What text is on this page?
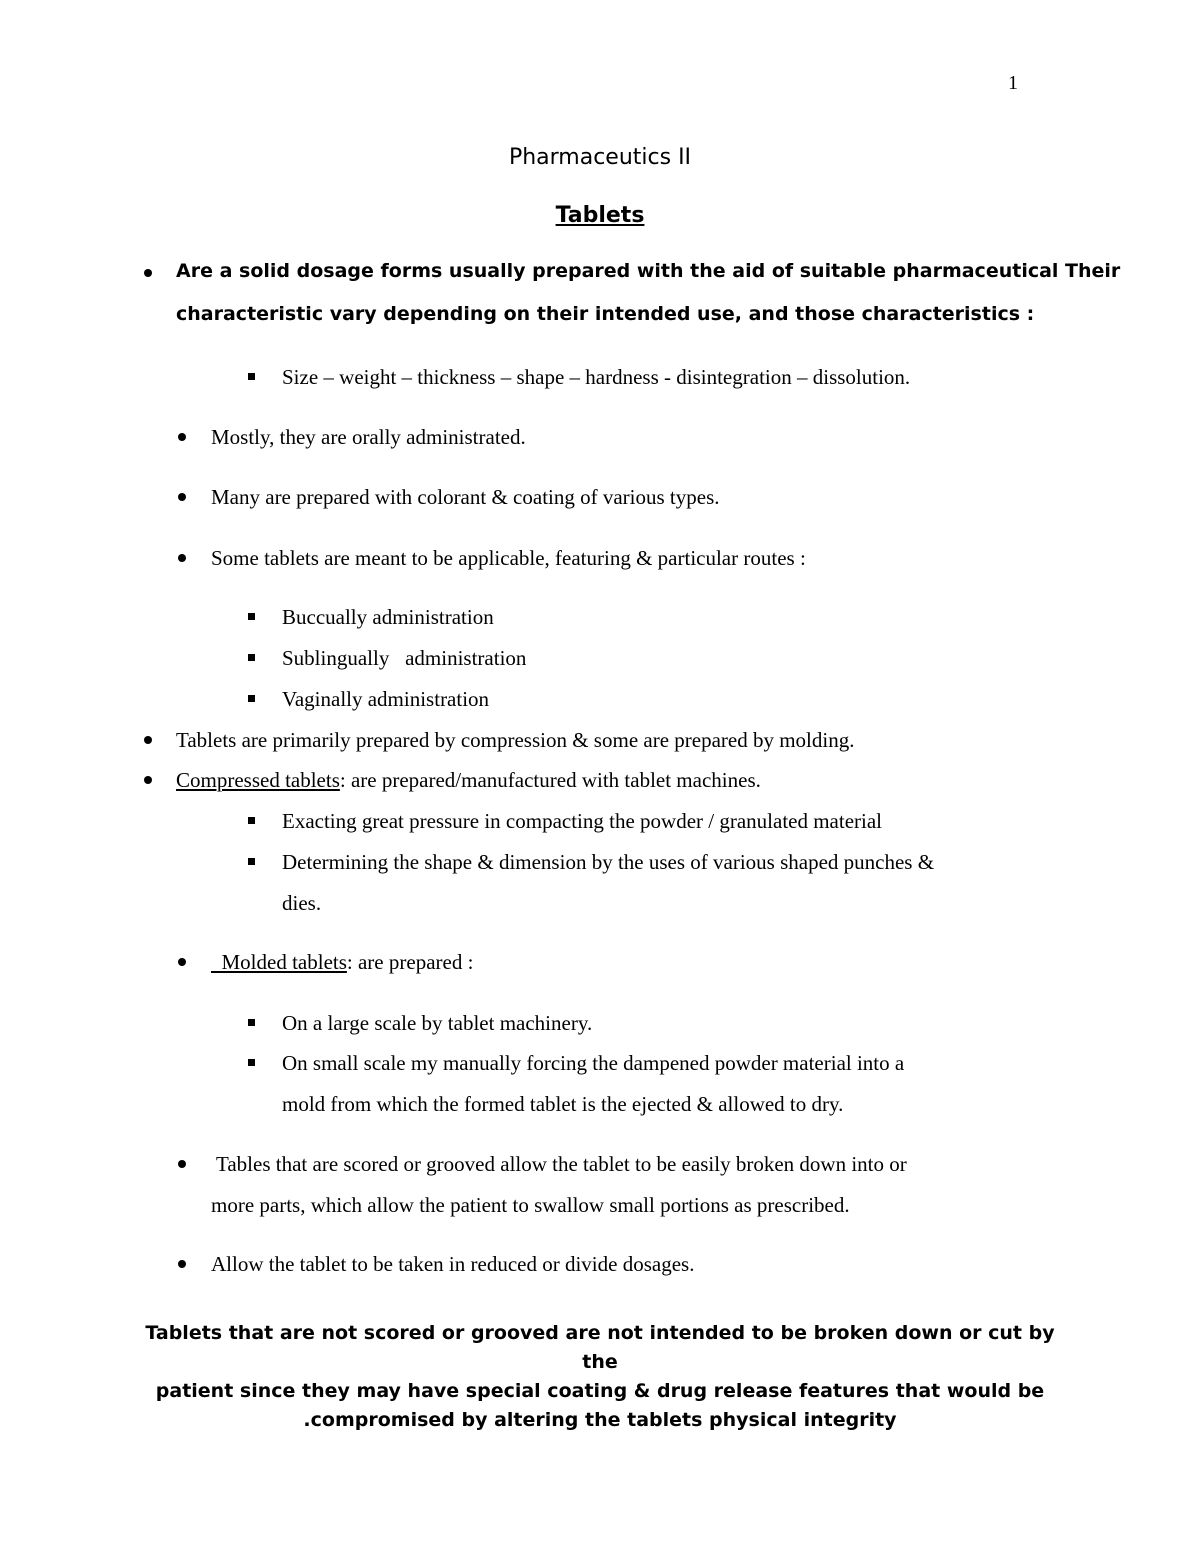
1
Pharmaceutics II
Tablets
Are a solid dosage forms usually prepared with the aid of suitable pharmaceutical Their
characteristic vary depending on their intended use, and those characteristics :
Size – weight – thickness – shape – hardness - disintegration – dissolution.
Mostly, they are orally administrated.
Many are prepared with colorant & coating of various types.
Some tablets are meant to be applicable, featuring & particular routes :
Buccually administration
Sublingually   administration
Vaginally administration
Tablets are primarily prepared by compression & some are prepared by molding.
Compressed tablets: are prepared/manufactured with tablet machines.
Exacting great pressure in compacting the powder / granulated material
Determining the shape & dimension by the uses of various shaped punches &
dies.
Molded tablets: are prepared :
On a large scale by tablet machinery.
On small scale my manually forcing the dampened powder material into a
mold from which the formed tablet is the ejected & allowed to dry.
Tables that are scored or grooved allow the tablet to be easily broken down into or
more parts, which allow the patient to swallow small portions as prescribed.
Allow the tablet to be taken in reduced or divide dosages.
Tablets that are not scored or grooved are not intended to be broken down or cut by the
patient since they may have special coating & drug release features that would be
.compromised by altering the tablets physical integrity
